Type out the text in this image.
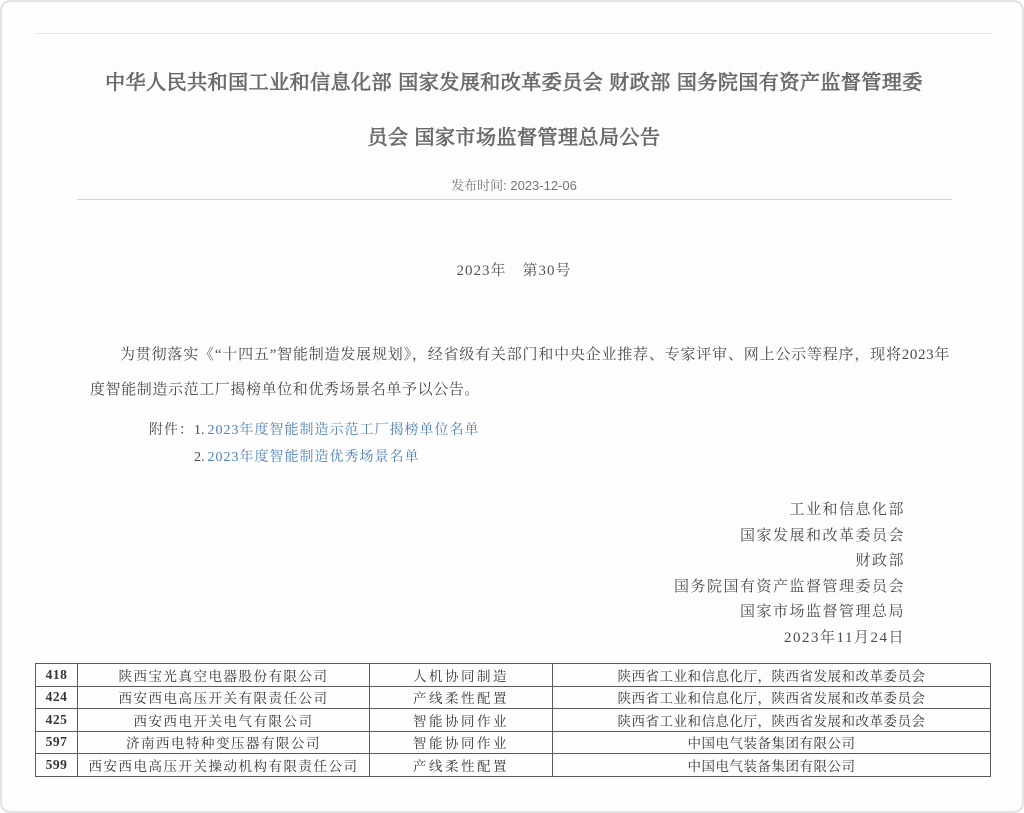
中华人民共和国工业和信息化部 国家发展和改革委员会 财政部 国务院国有资产监督管理委
员会 国家市场监督管理总局公告
发布时间: 2023-12-06
2023年　第30号
为贯彻落实《“十四五”智能制造发展规划》，经省级有关部门和中央企业推荐、专家评审、网上公示等程序，现将2023年度智能制造示范工厂揭榜单位和优秀场景名单予以公告。
附件： 1. 2023年度智能制造示范工厂揭榜单位名单
2. 2023年度智能制造优秀场景名单
工业和信息化部
国家发展和改革委员会
财政部
国务院国有资产监督管理委员会
国家市场监督管理总局
2023年11月24日
418	陕西宝光真空电器股份有限公司	人机协同制造	陕西省工业和信息化厅，陕西省发展和改革委员会
424	西安西电高压开关有限责任公司	产线柔性配置	陕西省工业和信息化厅，陕西省发展和改革委员会
425	西安西电开关电气有限公司	智能协同作业	陕西省工业和信息化厅，陕西省发展和改革委员会
597	济南西电特种变压器有限公司	智能协同作业	中国电气装备集团有限公司
599	西安西电高压开关操动机构有限责任公司	产线柔性配置	中国电气装备集团有限公司
